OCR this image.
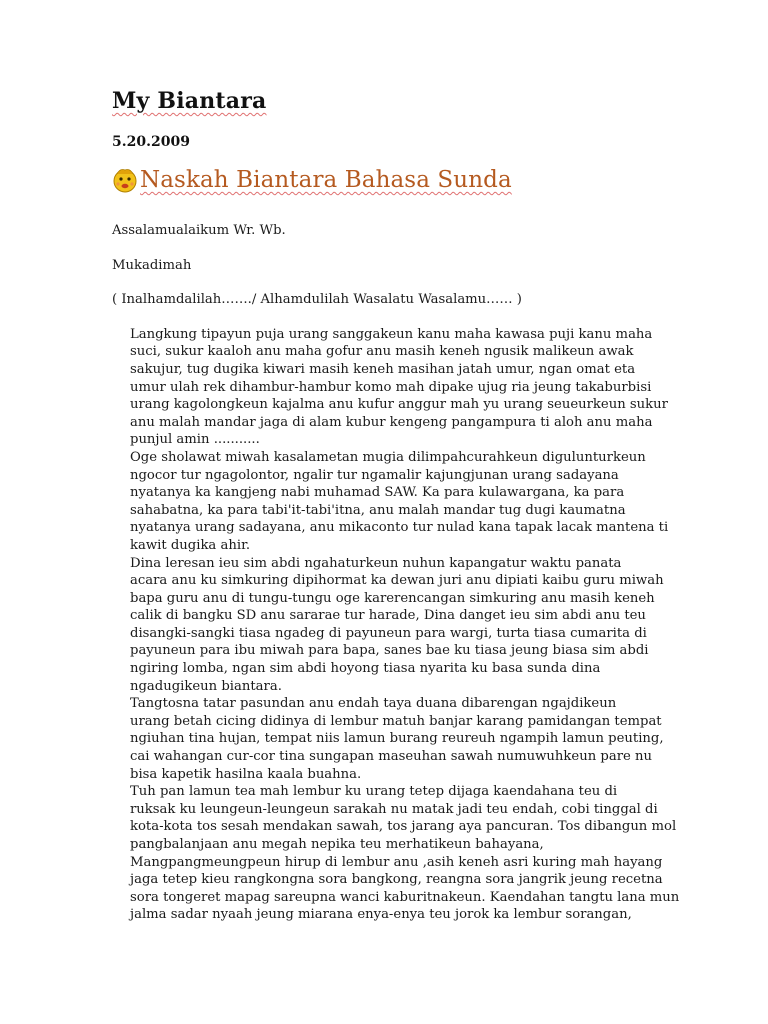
My Biantara
5.20.2009
Naskah Biantara Bahasa Sunda

Assalamualaikum Wr. Wb.

Mukadimah

( Inalhamdalilah……./ Alhamdulilah Wasalatu Wasalamu…… )

Langkung tipayun puja urang sanggakeun kanu maha kawasa puji kanu maha
suci, sukur kaaloh anu maha gofur anu masih keneh ngusik malikeun awak
sakujur, tug dugika kiwari masih keneh masihan jatah umur, ngan omat eta
umur ulah rek dihambur-hambur komo mah dipake ujug ria jeung takaburbisi
urang kagolongkeun kajalma anu kufur anggur mah yu urang seueurkeun sukur
anu malah mandar jaga di alam kubur kengeng pangampura ti aloh anu maha
punjul amin ...........

Oge sholawat miwah kasalametan mugia dilimpahcurahkeun digulunturkeun
ngocor tur ngagolontor, ngalir tur ngamalir kajungjunan urang sadayana
nyatanya ka kangjeng nabi muhamad SAW. Ka para kulawargana, ka para
sahabatna, ka para tabi'it-tabi'itna, anu malah mandar tug dugi kaumatna
nyatanya urang sadayana, anu mikaconto tur nulad kana tapak lacak mantena ti
kawit dugika ahir.

Dina leresan ieu sim abdi ngahaturkeun nuhun kapangatur waktu panata
acara anu ku simkuring dipihormat ka dewan juri anu dipiati kaibu guru miwah
bapa guru anu di tungu-tungu oge karerencangan simkuring anu masih keneh
calik di bangku SD anu sararae tur harade, Dina danget ieu sim abdi anu teu
disangki-sangki tiasa ngadeg di payuneun para wargi, turta tiasa cumarita di
payuneun para ibu miwah para bapa, sanes bae ku tiasa jeung biasa sim abdi
ngiring lomba, ngan sim abdi hoyong tiasa nyarita ku basa sunda dina
ngadugikeun biantara.

Tangtosna tatar pasundan anu endah taya duana dibarengan ngajdikeun
urang betah cicing didinya di lembur matuh banjar karang pamidangan tempat
ngiuhan tina hujan, tempat niis lamun burang reureuh ngampih lamun peuting,
cai wahangan cur-cor tina sungapan maseuhan sawah numuwuhkeun pare nu
bisa kapetik hasilna kaala buahna.

Tuh pan lamun tea mah lembur ku urang tetep dijaga kaendahana teu di
ruksak ku leungeun-leungeun sarakah nu matak jadi teu endah, cobi tinggal di
kota-kota tos sesah mendakan sawah, tos jarang aya pancuran. Tos dibangun mol
pangbalanjaan anu megah nepika teu merhatikeun bahayana,
Mangpangmeungpeun hirup di lembur anu ,asih keneh asri kuring mah hayang
jaga tetep kieu rangkongna sora bangkong, reangna sora jangrik jeung recetna
sora tongeret mapag sareupna wanci kaburitnakeun. Kaendahan tangtu lana mun
jalma sadar nyaah jeung miarana enya-enya teu jorok ka lembur sorangan,
